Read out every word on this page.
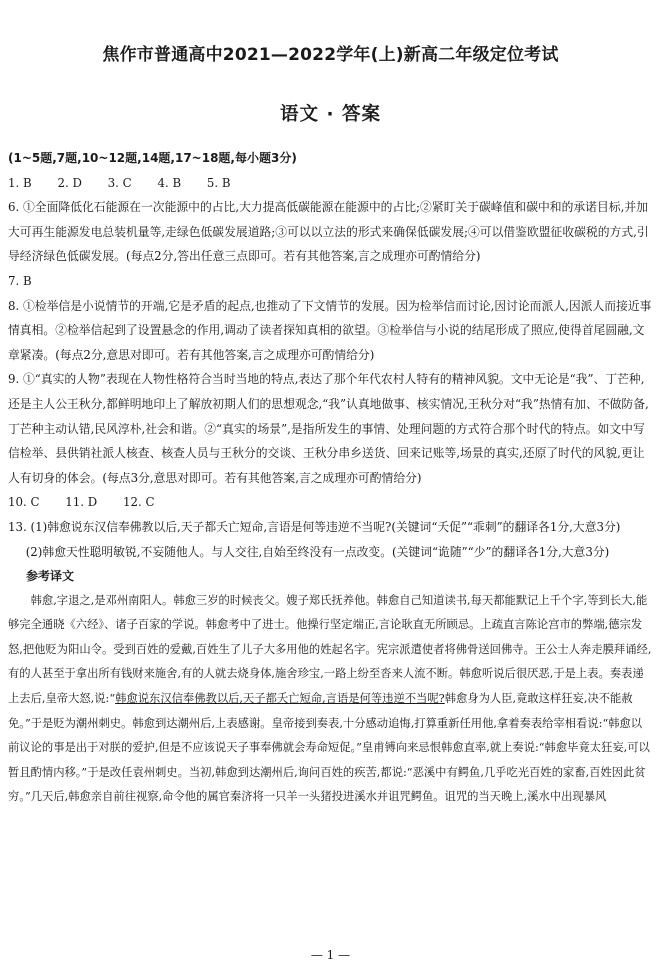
焦作市普通高中2021—2022学年(上)新高二年级定位考试
语文 · 答案

(1~5题,7题,10~12题,14题,17~18题,每小题3分)

1. B 2. D 3. C 4. B 5. B

6. ①全面降低化石能源在一次能源中的占比,大力提高低碳能源在能源中的占比;②紧盯关于碳峰值和碳中和的承诺目标,并加大可再生能源发电总装机量等,走绿色低碳发展道路;③可以以立法的形式来确保低碳发展;④可以借鉴欧盟征收碳税的方式,引导经济绿色低碳发展。(每点2分,答出任意三点即可。若有其他答案,言之成理亦可酌情给分)

7. B

8. ①检举信是小说情节的开端,它是矛盾的起点,也推动了下文情节的发展。因为检举信而讨论,因讨论而派人,因派人而接近事情真相。②检举信起到了设置悬念的作用,调动了读者探知真相的欲望。③检举信与小说的结尾形成了照应,使得首尾圆融,文章紧凑。(每点2分,意思对即可。若有其他答案,言之成理亦可酌情给分)

9. ①“真实的人物”表现在人物性格符合当时当地的特点,表达了那个年代农村人特有的精神风貌。文中无论是“我”、丁芒种,还是主人公王秋分,都鲜明地印上了解放初期人们的思想观念,“我”认真地做事、核实情况,王秋分对“我”热情有加、不做防备,丁芒种主动认错,民风淳朴,社会和谐。②“真实的场景”,是指所发生的事情、处理问题的方式符合那个时代的特点。如文中写信检举、县供销社派人核查、核查人员与王秋分的交谈、王秋分串乡送货、回来记账等,场景的真实,还原了时代的风貌,更让人有切身的体会。(每点3分,意思对即可。若有其他答案,言之成理亦可酌情给分)

10. C 11. D 12. C

13. (1)韩愈说东汉信奉佛教以后,天子都夭亡短命,言语是何等违逆不当呢?(关键词“夭促”“乖刺”的翻译各1分,大意3分)

(2)韩愈天性聪明敏锐,不妄随他人。与人交往,自始至终没有一点改变。(关键词“诡随”“少”的翻译各1分,大意3分)

参考译文

韩愈,字退之,是邓州南阳人。韩愈三岁的时候丧父。嫂子郑氏抚养他。韩愈自己知道读书,每天都能默记上千个字,等到长大,能够完全通晓《六经》、诸子百家的学说。韩愈考中了进士。他操行坚定端正,言论耿直无所顾忌。上疏直言陈论宫市的弊端,德宗发怒,把他贬为阳山令。受到百姓的爱戴,百姓生了儿子大多用他的姓起名字。宪宗派遣使者将佛骨送回佛寺。王公士人奔走膜拜诵经,有的人甚至于拿出所有钱财来施舍,有的人就去烧身体,施舍珍宝,一路上纷至沓来人流不断。韩愈听说后很厌恶,于是上表。奏表递上去后,皇帝大怒,说:“韩愈说东汉信奉佛教以后,天子都夭亡短命,言语是何等违逆不当呢?韩愈身为人臣,竟敢这样狂妄,决不能赦免。”于是贬为潮州刺史。韩愈到达潮州后,上表感谢。皇帝接到奏表,十分感动追悔,打算重新任用他,拿着奏表给宰相看说:“韩愈以前议论的事是出于对朕的爱护,但是不应该说天子事奉佛就会寿命短促。”皇甫镈向来忌恨韩愈直率,就上奏说:“韩愈毕竟太狂妄,可以暂且酌情内移。”于是改任袁州刺史。当初,韩愈到达潮州后,询问百姓的疾苦,都说:“恶溪中有鳄鱼,几乎吃光百姓的家畜,百姓因此贫穷。”几天后,韩愈亲自前往视察,命令他的属官秦济将一只羊一头猪投进溪水并诅咒鳄鱼。诅咒的当天晚上,溪水中出现暴风

— 1 —
